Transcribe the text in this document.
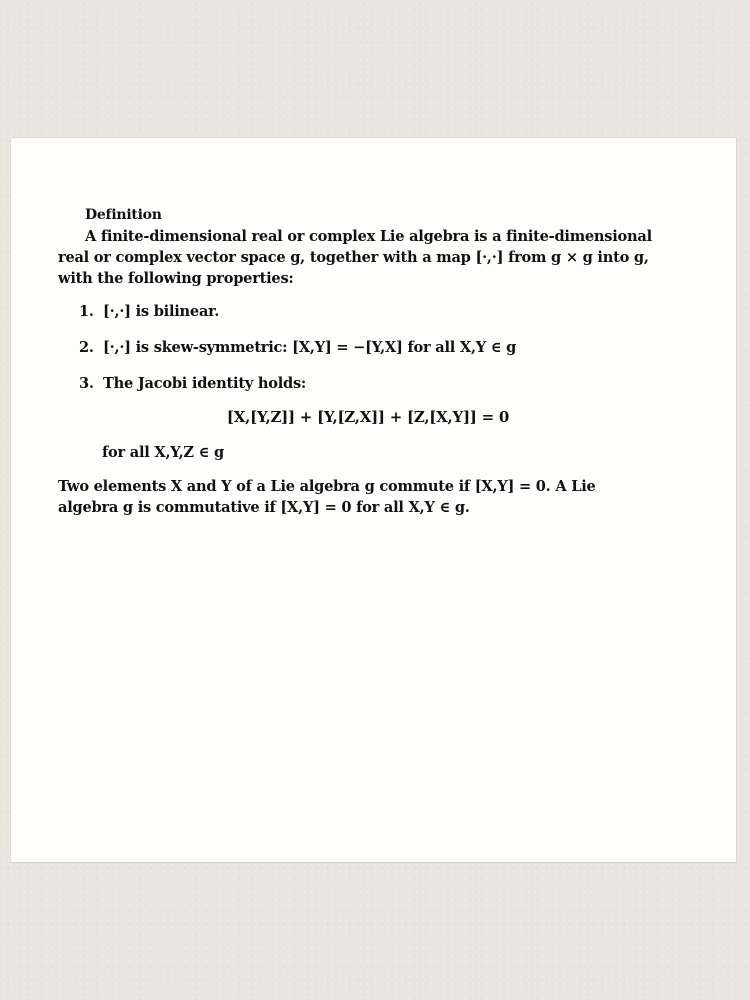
Definition

A finite-dimensional real or complex Lie algebra is a finite-dimensional
real or complex vector space g, together with a map [·,·] from g × g into g,
with the following properties:

1. [·,·] is bilinear.
2. [·,·] is skew-symmetric: [X,Y] = −[Y,X] for all X,Y ∈ g
3. The Jacobi identity holds:
[X,[Y,Z]] + [Y,[Z,X]] + [Z,[X,Y]] = 0
for all X,Y,Z ∈ g

Two elements X and Y of a Lie algebra g commute if [X,Y] = 0. A Lie
algebra g is commutative if [X,Y] = 0 for all X,Y ∈ g.
